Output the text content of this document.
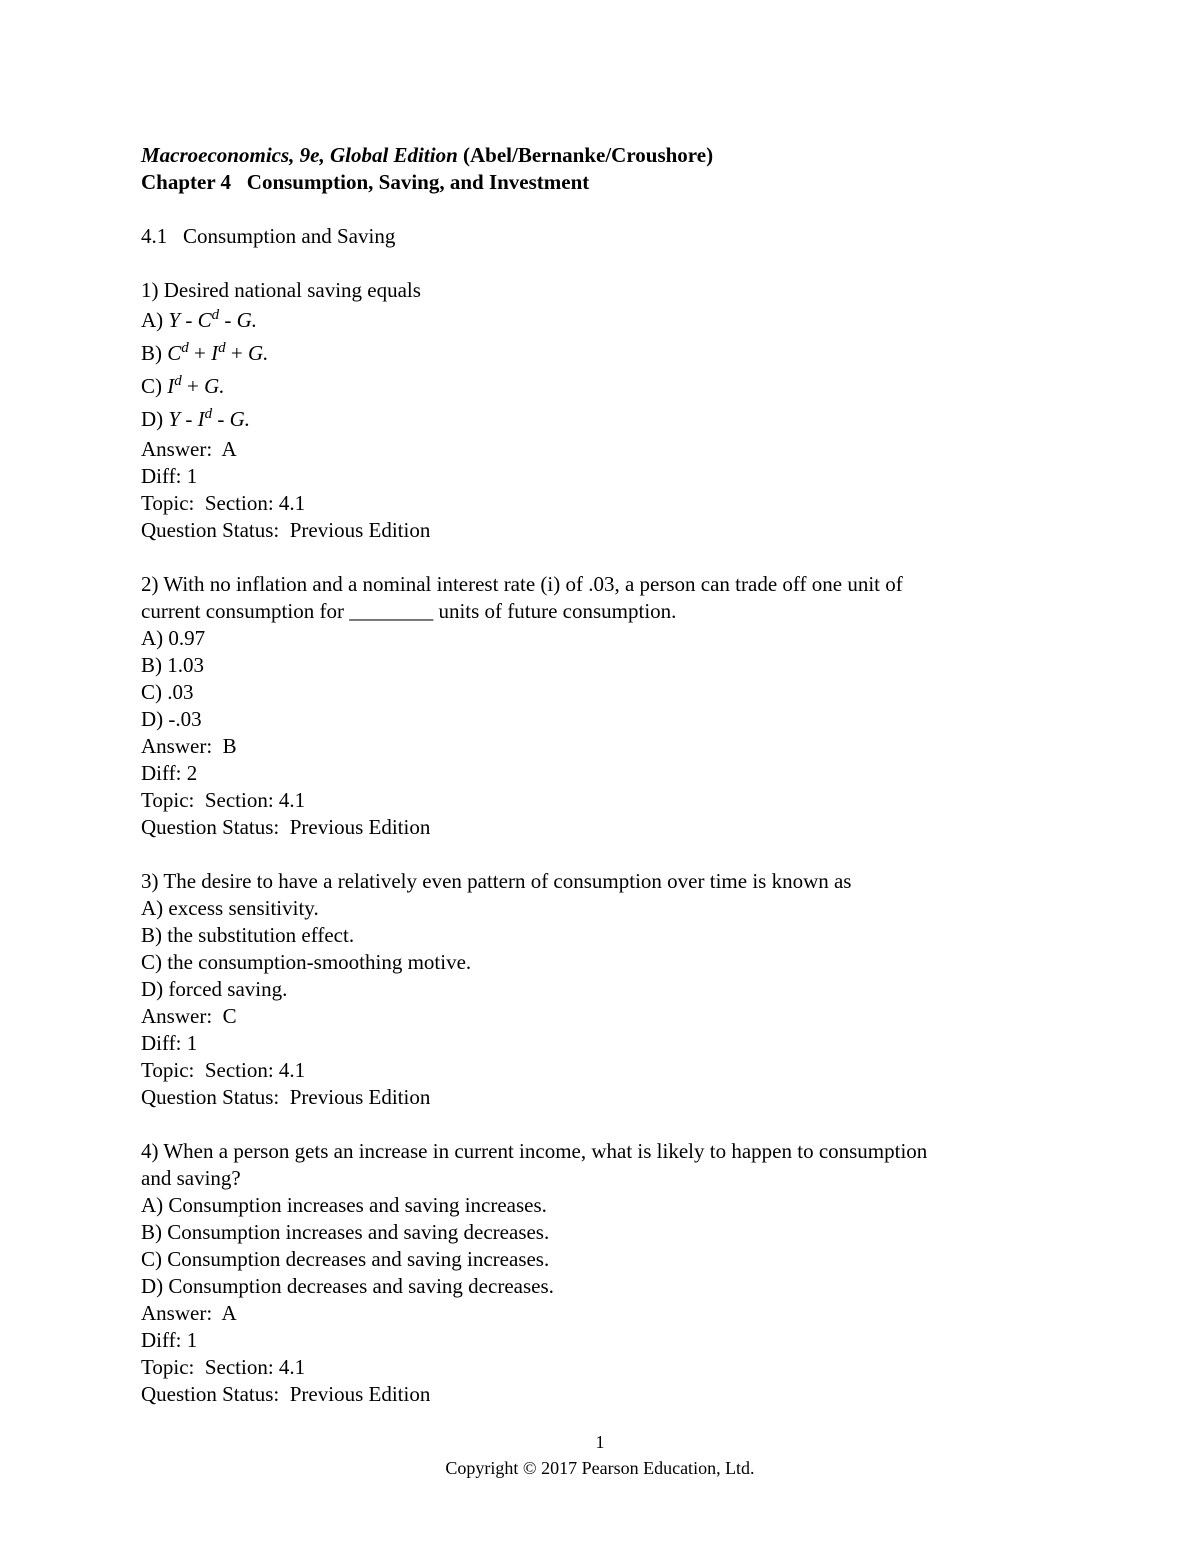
Macroeconomics, 9e, Global Edition (Abel/Bernanke/Croushore)
Chapter 4   Consumption, Saving, and Investment
4.1   Consumption and Saving
1) Desired national saving equals
A) Y - $C^d$ - G.
B) $C^d + I^d + G$.
C) $I^d + G$.
D) Y - $I^d$ - G.
Answer:  A
Diff: 1
Topic:  Section: 4.1
Question Status:  Previous Edition
2) With no inflation and a nominal interest rate (i) of .03, a person can trade off one unit of
current consumption for ________ units of future consumption.
A) 0.97
B) 1.03
C) .03
D) -.03
Answer:  B
Diff: 2
Topic:  Section: 4.1
Question Status:  Previous Edition
3) The desire to have a relatively even pattern of consumption over time is known as
A) excess sensitivity.
B) the substitution effect.
C) the consumption-smoothing motive.
D) forced saving.
Answer:  C
Diff: 1
Topic:  Section: 4.1
Question Status:  Previous Edition
4) When a person gets an increase in current income, what is likely to happen to consumption
and saving?
A) Consumption increases and saving increases.
B) Consumption increases and saving decreases.
C) Consumption decreases and saving increases.
D) Consumption decreases and saving decreases.
Answer:  A
Diff: 1
Topic:  Section: 4.1
Question Status:  Previous Edition
1
Copyright © 2017 Pearson Education, Ltd.
